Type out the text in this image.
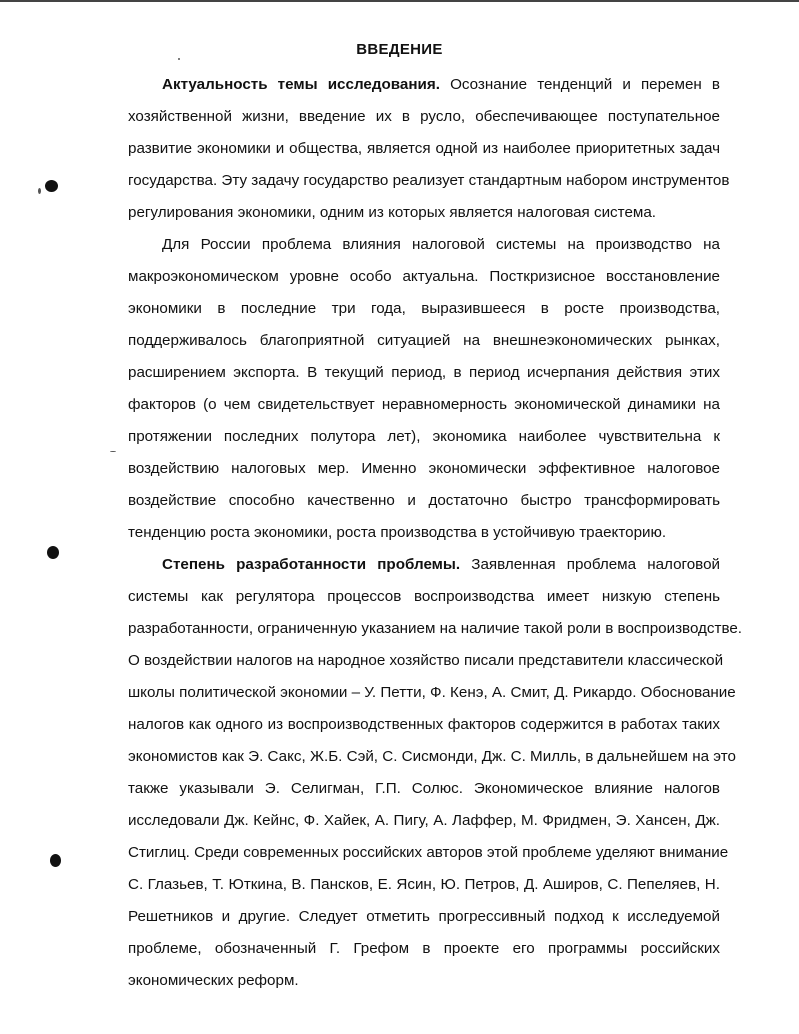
ВВЕДЕНИЕ
Актуальность темы исследования. Осознание тенденций и перемен в
хозяйственной жизни, введение их в русло, обеспечивающее поступательное
развитие экономики и общества, является одной из наиболее приоритетных задач
государства. Эту задачу государство реализует стандартным набором инструментов
регулирования экономики, одним из которых является налоговая система.
Для России проблема влияния налоговой системы на производство на
макроэкономическом уровне особо актуальна. Посткризисное восстановление
экономики в последние три года, выразившееся в росте производства,
поддерживалось благоприятной ситуацией на внешнеэкономических рынках,
расширением экспорта. В текущий период, в период исчерпания действия этих
факторов (о чем свидетельствует неравномерность экономической динамики на
протяжении последних полутора лет), экономика наиболее чувствительна к
воздействию налоговых мер. Именно экономически эффективное налоговое
воздействие способно качественно и достаточно быстро трансформировать
тенденцию роста экономики, роста производства в устойчивую траекторию.
Степень разработанности проблемы. Заявленная проблема налоговой
системы как регулятора процессов воспроизводства имеет низкую степень
разработанности, ограниченную указанием на наличие такой роли в воспроизводстве.
О воздействии налогов на народное хозяйство писали представители классической
школы политической экономии – У. Петти, Ф. Кенэ, А. Смит, Д. Рикардо. Обоснование
налогов как одного из воспроизводственных факторов содержится в работах таких
экономистов как Э. Сакс, Ж.Б. Сэй, С. Сисмонди, Дж. С. Милль, в дальнейшем на это
также указывали Э. Селигман, Г.П. Солюс. Экономическое влияние налогов
исследовали Дж. Кейнс, Ф. Хайек, А. Пигу, А. Лаффер, М. Фридмен, Э. Хансен, Дж.
Стиглиц. Среди современных российских авторов этой проблеме уделяют внимание
С. Глазьев, Т. Юткина, В. Пансков, Е. Ясин, Ю. Петров, Д. Аширов, С. Пепеляев, Н.
Решетников и другие. Следует отметить прогрессивный подход к исследуемой
проблеме, обозначенный Г. Грефом в проекте его программы российских
экономических реформ.
